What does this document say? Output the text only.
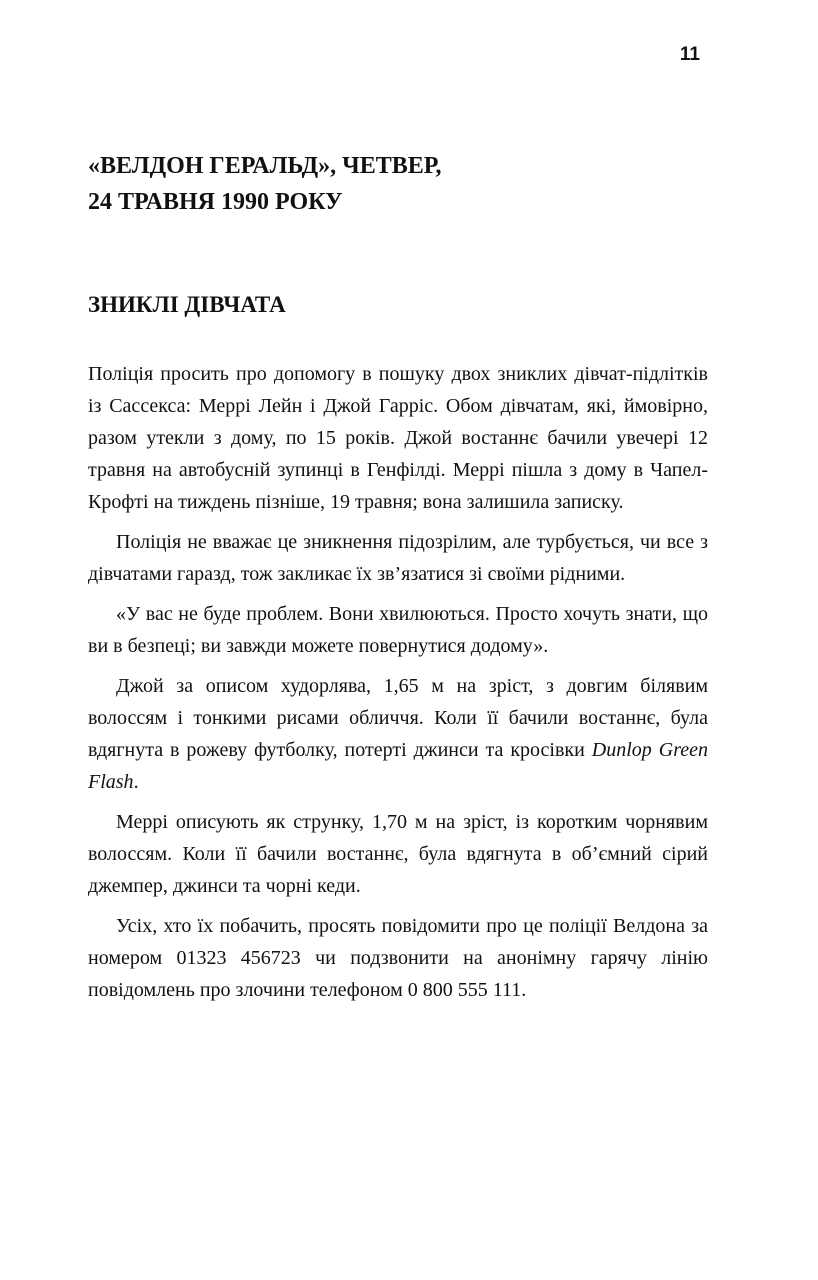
11
«ВЕЛДОН ГЕРАЛЬД», ЧЕТВЕР,
24 ТРАВНЯ 1990 РОКУ
ЗНИКЛІ ДІВЧАТА

Поліція просить про допомогу в пошуку двох зниклих дівчат-підлітків із Сассекса: Меррі Лейн і Джой Гарріс. Обом дівчатам, які, ймовірно, разом утекли з дому, по 15 років. Джой востаннє бачили увечері 12 травня на автобусній зупинці в Генфілді. Меррі пішла з дому в Чапел-Крофті на тиждень пізніше, 19 травня; вона залишила записку.

Поліція не вважає це зникнення підозрілим, але турбується, чи все з дівчатами гаразд, тож закликає їх зв’язатися зі своїми рідними.

«У вас не буде проблем. Вони хвилюються. Просто хочуть знати, що ви в безпеці; ви завжди можете повернутися додому».

Джой за описом худорлява, 1,65 м на зріст, з довгим білявим волоссям і тонкими рисами обличчя. Коли її бачили востаннє, була вдягнута в рожеву футболку, потерті джинси та кросівки Dunlop Green Flash.

Меррі описують як струнку, 1,70 м на зріст, із коротким чорнявим волоссям. Коли її бачили востаннє, була вдягнута в об’ємний сірий джемпер, джинси та чорні кеди.

Усіх, хто їх побачить, просять повідомити про це поліції Велдона за номером 01323 456723 чи подзвонити на анонімну гарячу лінію повідомлень про злочини телефоном 0 800 555 111.
